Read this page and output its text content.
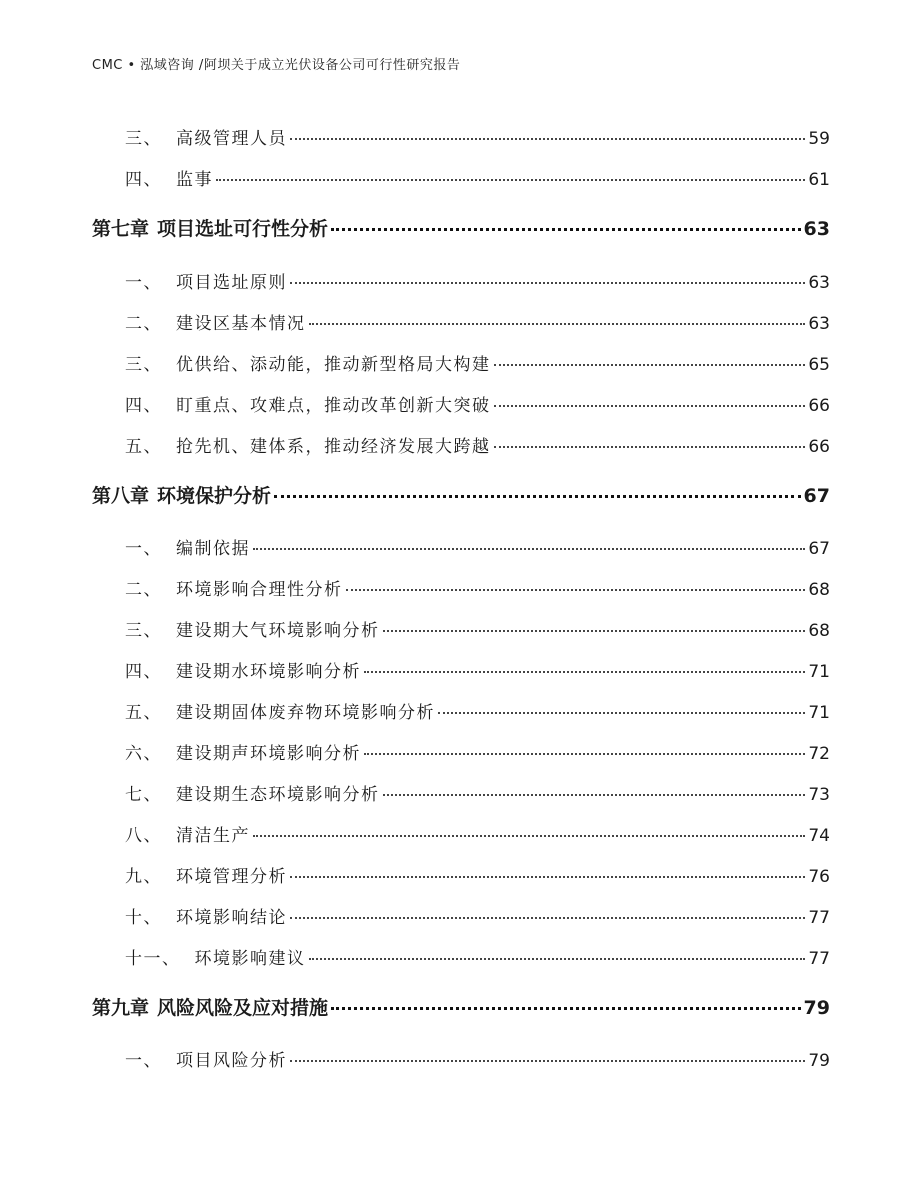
CMC • 泓域咨询 /阿坝关于成立光伏设备公司可行性研究报告
三、 高级管理人员	59
四、 监事	61
第七章 项目选址可行性分析	63
一、 项目选址原则	63
二、 建设区基本情况	63
三、 优供给、添动能，推动新型格局大构建	65
四、 盯重点、攻难点，推动改革创新大突破	66
五、 抢先机、建体系，推动经济发展大跨越	66
第八章 环境保护分析	67
一、 编制依据	67
二、 环境影响合理性分析	68
三、 建设期大气环境影响分析	68
四、 建设期水环境影响分析	71
五、 建设期固体废弃物环境影响分析	71
六、 建设期声环境影响分析	72
七、 建设期生态环境影响分析	73
八、 清洁生产	74
九、 环境管理分析	76
十、 环境影响结论	77
十一、 环境影响建议	77
第九章 风险风险及应对措施	79
一、 项目风险分析	79
